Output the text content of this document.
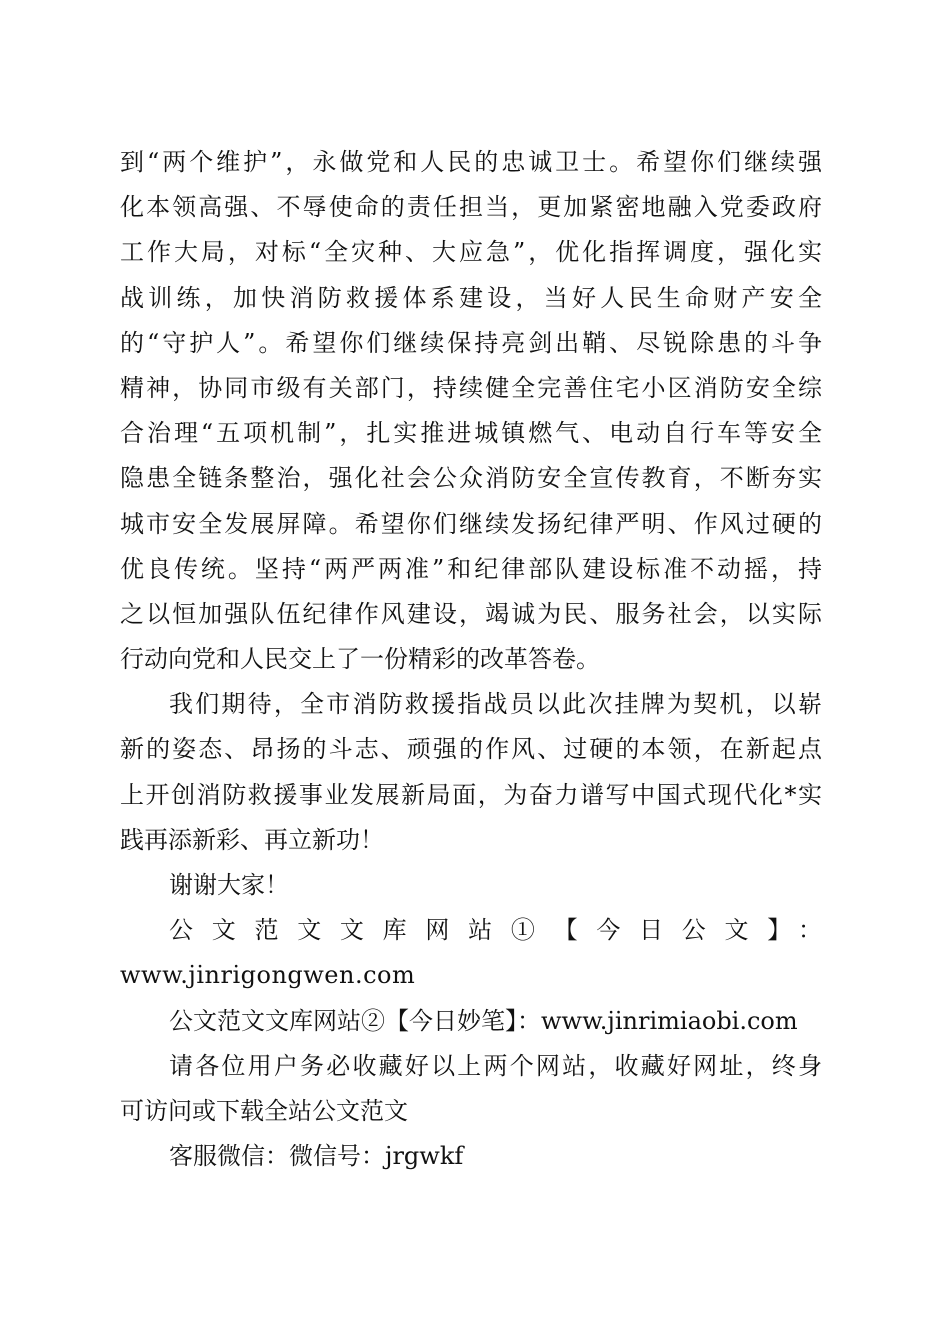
到“两个维护”，永做党和人民的忠诚卫士。希望你们继续强
化本领高强、不辱使命的责任担当，更加紧密地融入党委政府
工作大局，对标“全灾种、大应急”，优化指挥调度，强化实
战训练，加快消防救援体系建设，当好人民生命财产安全
的“守护人”。希望你们继续保持亮剑出鞘、尽锐除患的斗争
精神，协同市级有关部门，持续健全完善住宅小区消防安全综
合治理“五项机制”，扎实推进城镇燃气、电动自行车等安全
隐患全链条整治，强化社会公众消防安全宣传教育，不断夯实
城市安全发展屏障。希望你们继续发扬纪律严明、作风过硬的
优良传统。坚持“两严两准”和纪律部队建设标准不动摇，持
之以恒加强队伍纪律作风建设，竭诚为民、服务社会，以实际
行动向党和人民交上了一份精彩的改革答卷。
我们期待，全市消防救援指战员以此次挂牌为契机，以崭
新的姿态、昂扬的斗志、顽强的作风、过硬的本领，在新起点
上开创消防救援事业发展新局面，为奋力谱写中国式现代化*实
践再添新彩、再立新功！
谢谢大家！
公文范文文库网站①【今日公文】：
www.jinrigongwen.com
公文范文文库网站②【今日妙笔】：www.jinrimiaobi.com
请各位用户务必收藏好以上两个网站，收藏好网址，终身
可访问或下载全站公文范文
客服微信：微信号：jrgwkf
